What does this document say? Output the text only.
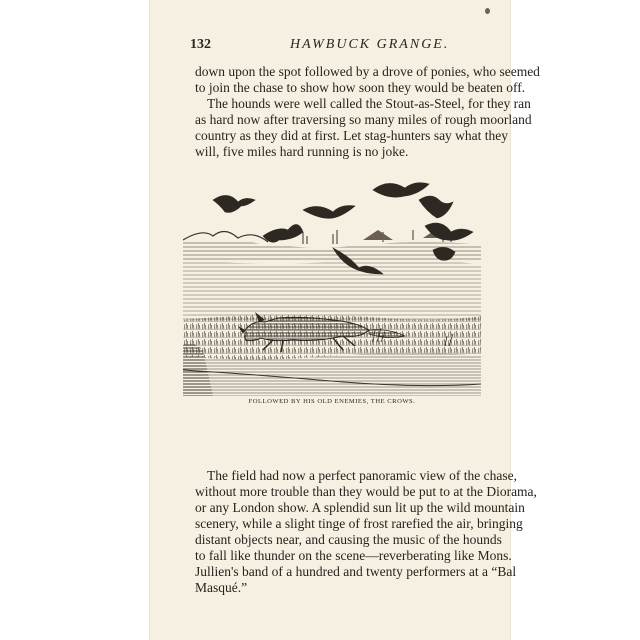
132	HAWBUCK GRANGE.

down upon the spot followed by a drove of ponies, who seemed
to join the chase to show how soon they would be beaten off.

The hounds were well called the Stout-as-Steel, for they ran
as hard now after traversing so many miles of rough moorland
country as they did at first. Let stag-hunters say what they
will, five miles hard running is no joke.

FOLLOWED BY HIS OLD ENEMIES, THE CROWS.

The field had now a perfect panoramic view of the chase,
without more trouble than they would be put to at the Diorama,
or any London show. A splendid sun lit up the wild mountain
scenery, while a slight tinge of frost rarefied the air, bringing
distant objects near, and causing the music of the hounds
to fall like thunder on the scene—reverberating like Mons.
Jullien's band of a hundred and twenty performers at a “Bal
Masqué.”
